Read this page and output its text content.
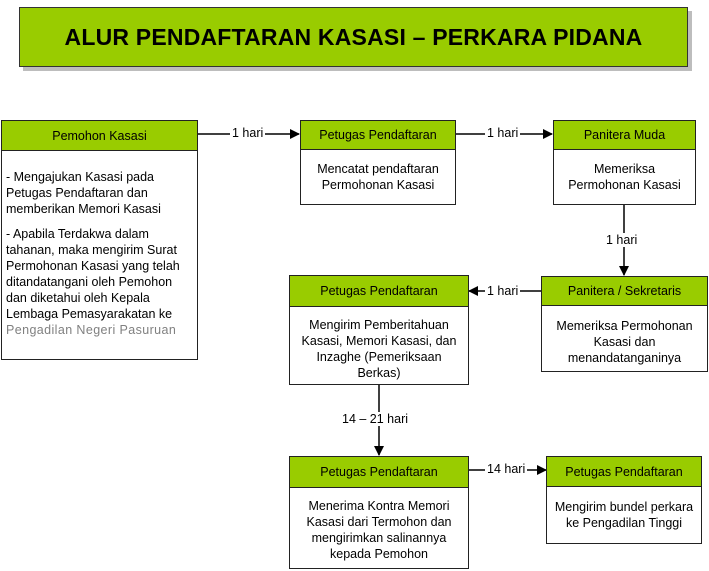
ALUR PENDAFTARAN KASASI – PERKARA PIDANA
Pemohon Kasasi
- Mengajukan Kasasi pada Petugas Pendaftaran dan memberikan Memori Kasasi
- Apabila Terdakwa dalam tahanan, maka mengirim Surat Permohonan Kasasi yang telah ditandatangani oleh Pemohon dan diketahui oleh Kepala Lembaga Pemasyarakatan ke Pengadilan Negeri Pasuruan
Petugas Pendaftaran
Mencatat pendaftaran Permohonan Kasasi
Panitera Muda
Memeriksa Permohonan Kasasi
Panitera / Sekretaris
Memeriksa Permohonan Kasasi dan menandatanganinya
Petugas Pendaftaran
Mengirim Pemberitahuan Kasasi, Memori Kasasi, dan Inzaghe (Pemeriksaan Berkas)
Petugas Pendaftaran
Menerima Kontra Memori Kasasi dari Termohon dan mengirimkan salinannya kepada Pemohon
Petugas Pendaftaran
Mengirim bundel perkara ke Pengadilan Tinggi
1 hari	1 hari
1 hari
1 hari
14 – 21 hari
14 hari
